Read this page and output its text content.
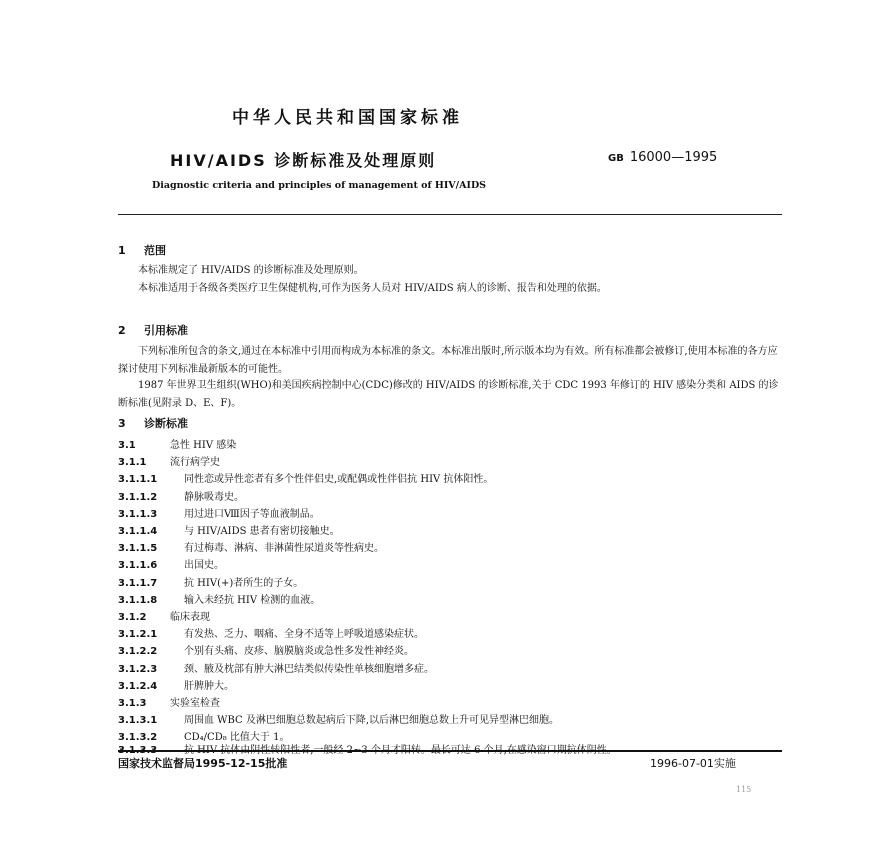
中华人民共和国国家标准
HIV/AIDS 诊断标准及处理原则	GB 16000—1995
Diagnostic criteria and principles of management of HIV/AIDS
1 范围
本标准规定了 HIV/AIDS 的诊断标准及处理原则。
本标准适用于各级各类医疗卫生保健机构,可作为医务人员对 HIV/AIDS 病人的诊断、报告和处理的依据。
2 引用标准
下列标准所包含的条文,通过在本标准中引用而构成为本标准的条文。本标准出版时,所示版本均为有效。所有标准都会被修订,使用本标准的各方应探讨使用下列标准最新版本的可能性。
1987 年世界卫生组织(WHO)和美国疾病控制中心(CDC)修改的 HIV/AIDS 的诊断标准,关于 CDC 1993 年修订的 HIV 感染分类和 AIDS 的诊断标准(见附录 D、E、F)。
3 诊断标准
3.1	急性 HIV 感染
3.1.1 流行病学史
3.1.1.1	同性恋或异性恋者有多个性伴侣史,或配偶或性伴侣抗 HIV 抗体阳性。
3.1.1.2	静脉吸毒史。
3.1.1.3	用过进口Ⅷ因子等血液制品。
3.1.1.4	与 HIV/AIDS 患者有密切接触史。
3.1.1.5	有过梅毒、淋病、非淋菌性尿道炎等性病史。
3.1.1.6	出国史。
3.1.1.7	抗 HIV(+)者所生的子女。
3.1.1.8	输入未经抗 HIV 检测的血液。
3.1.2 临床表现
3.1.2.1	有发热、乏力、咽痛、全身不适等上呼吸道感染症状。
3.1.2.2	个别有头痛、皮疹、脑膜脑炎或急性多发性神经炎。
3.1.2.3	颈、腋及枕部有肿大淋巴结类似传染性单核细胞增多症。
3.1.2.4	肝脾肿大。
3.1.3 实验室检查
3.1.3.1	周围血 WBC 及淋巴细胞总数起病后下降,以后淋巴细胞总数上升可见异型淋巴细胞。
3.1.3.2	CD₄/CD₈ 比值大于 1。
国家技术监督局1995-12-15批准	1996-07-01实施
115
3.1.3.3	抗 HIV 抗体由阴性转阳性者,一般经 2~3 个月才阳转。最长可达 6 个月,在感染窗口期抗体阴性。
